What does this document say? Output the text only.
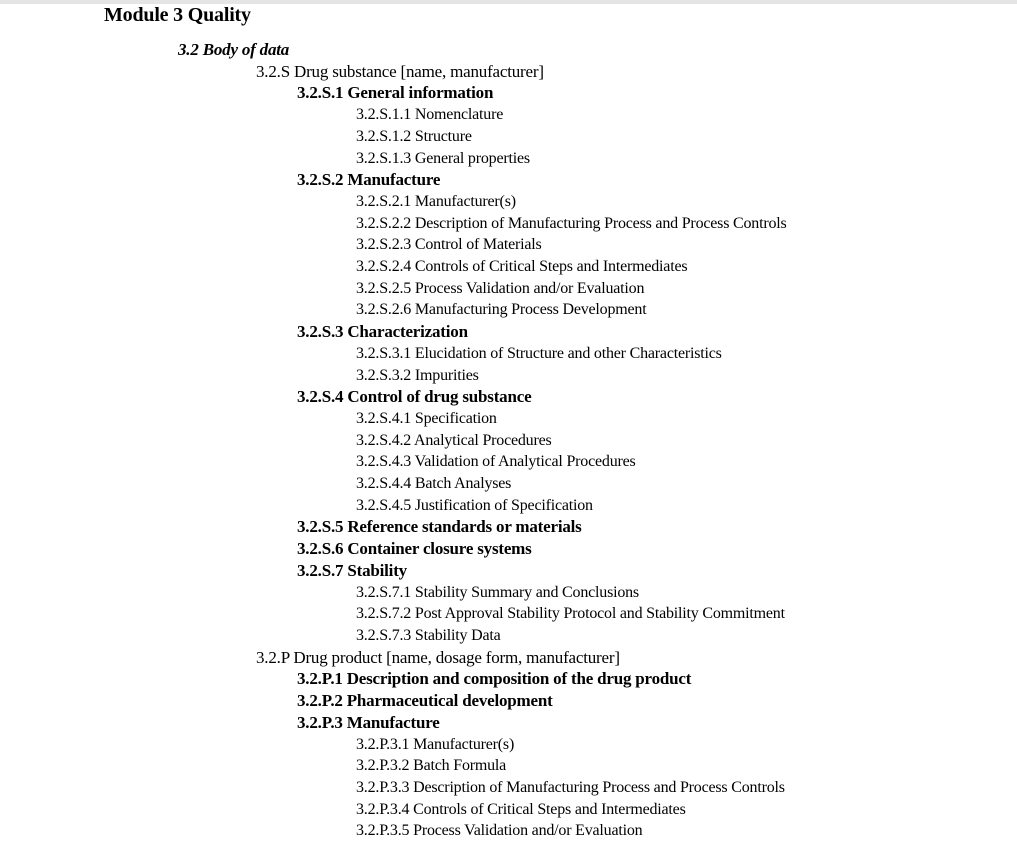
Module 3 Quality
3.2 Body of data
3.2.S Drug substance [name, manufacturer]
3.2.S.1 General information
3.2.S.1.1 Nomenclature
3.2.S.1.2 Structure
3.2.S.1.3 General properties
3.2.S.2 Manufacture
3.2.S.2.1 Manufacturer(s)
3.2.S.2.2 Description of Manufacturing Process and Process Controls
3.2.S.2.3 Control of Materials
3.2.S.2.4 Controls of Critical Steps and Intermediates
3.2.S.2.5 Process Validation and/or Evaluation
3.2.S.2.6 Manufacturing Process Development
3.2.S.3 Characterization
3.2.S.3.1 Elucidation of Structure and other Characteristics
3.2.S.3.2 Impurities
3.2.S.4 Control of drug substance
3.2.S.4.1 Specification
3.2.S.4.2 Analytical Procedures
3.2.S.4.3 Validation of Analytical Procedures
3.2.S.4.4 Batch Analyses
3.2.S.4.5 Justification of Specification
3.2.S.5 Reference standards or materials
3.2.S.6 Container closure systems
3.2.S.7 Stability
3.2.S.7.1 Stability Summary and Conclusions
3.2.S.7.2 Post Approval Stability Protocol and Stability Commitment
3.2.S.7.3 Stability Data
3.2.P Drug product [name, dosage form, manufacturer]
3.2.P.1 Description and composition of the drug product
3.2.P.2 Pharmaceutical development
3.2.P.3 Manufacture
3.2.P.3.1 Manufacturer(s)
3.2.P.3.2 Batch Formula
3.2.P.3.3 Description of Manufacturing Process and Process Controls
3.2.P.3.4 Controls of Critical Steps and Intermediates
3.2.P.3.5 Process Validation and/or Evaluation
